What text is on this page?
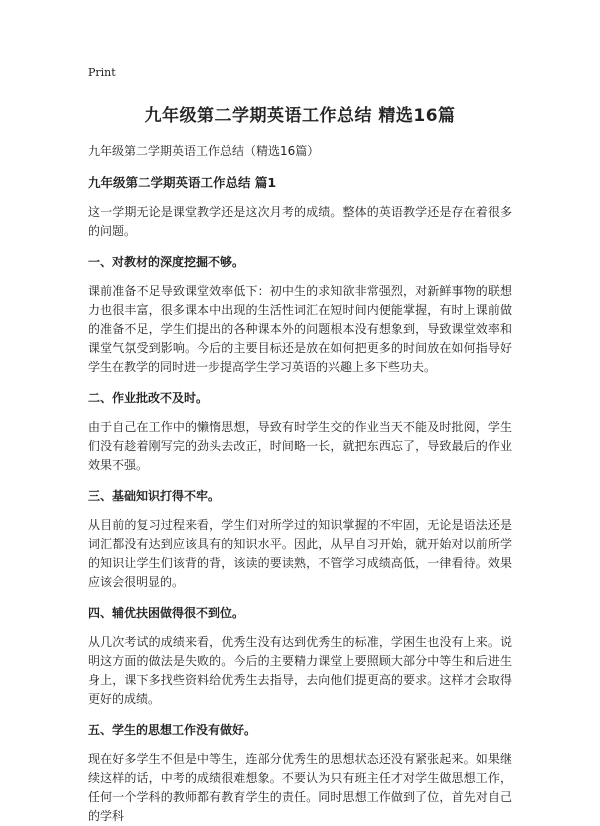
Print
九年级第二学期英语工作总结 精选16篇

九年级第二学期英语工作总结（精选16篇）

九年级第二学期英语工作总结 篇1

这一学期无论是课堂教学还是这次月考的成绩。整体的英语教学还是存在着很多的问题。

一、对教材的深度挖掘不够。

课前准备不足导致课堂效率低下：初中生的求知欲非常强烈，对新鲜事物的联想力也很丰富，很多课本中出现的生活性词汇在短时间内便能掌握，有时上课前做的准备不足，学生们提出的各种课本外的问题根本没有想象到，导致课堂效率和课堂气氛受到影响。今后的主要目标还是放在如何把更多的时间放在如何指导好学生在教学的同时进一步提高学生学习英语的兴趣上多下些功夫。

二、作业批改不及时。

由于自己在工作中的懒惰思想，导致有时学生交的作业当天不能及时批阅，学生们没有趁着刚写完的劲头去改正，时间略一长，就把东西忘了，导致最后的作业效果不强。

三、基础知识打得不牢。

从目前的复习过程来看，学生们对所学过的知识掌握的不牢固，无论是语法还是词汇都没有达到应该具有的知识水平。因此，从早自习开始，就开始对以前所学的知识让学生们该背的背，该读的要读熟，不管学习成绩高低，一律看待。效果应该会很明显的。

四、辅优扶困做得很不到位。

从几次考试的成绩来看，优秀生没有达到优秀生的标准，学困生也没有上来。说明这方面的做法是失败的。今后的主要精力课堂上要照顾大部分中等生和后进生身上，课下多找些资料给优秀生去指导，去向他们提更高的要求。这样才会取得更好的成绩。

五、学生的思想工作没有做好。

现在好多学生不但是中等生，连部分优秀生的思想状态还没有紧张起来。如果继续这样的话，中考的成绩很难想象。不要认为只有班主任才对学生做思想工作，任何一个学科的教师都有教育学生的责任。同时思想工作做到了位，首先对自己的学科
